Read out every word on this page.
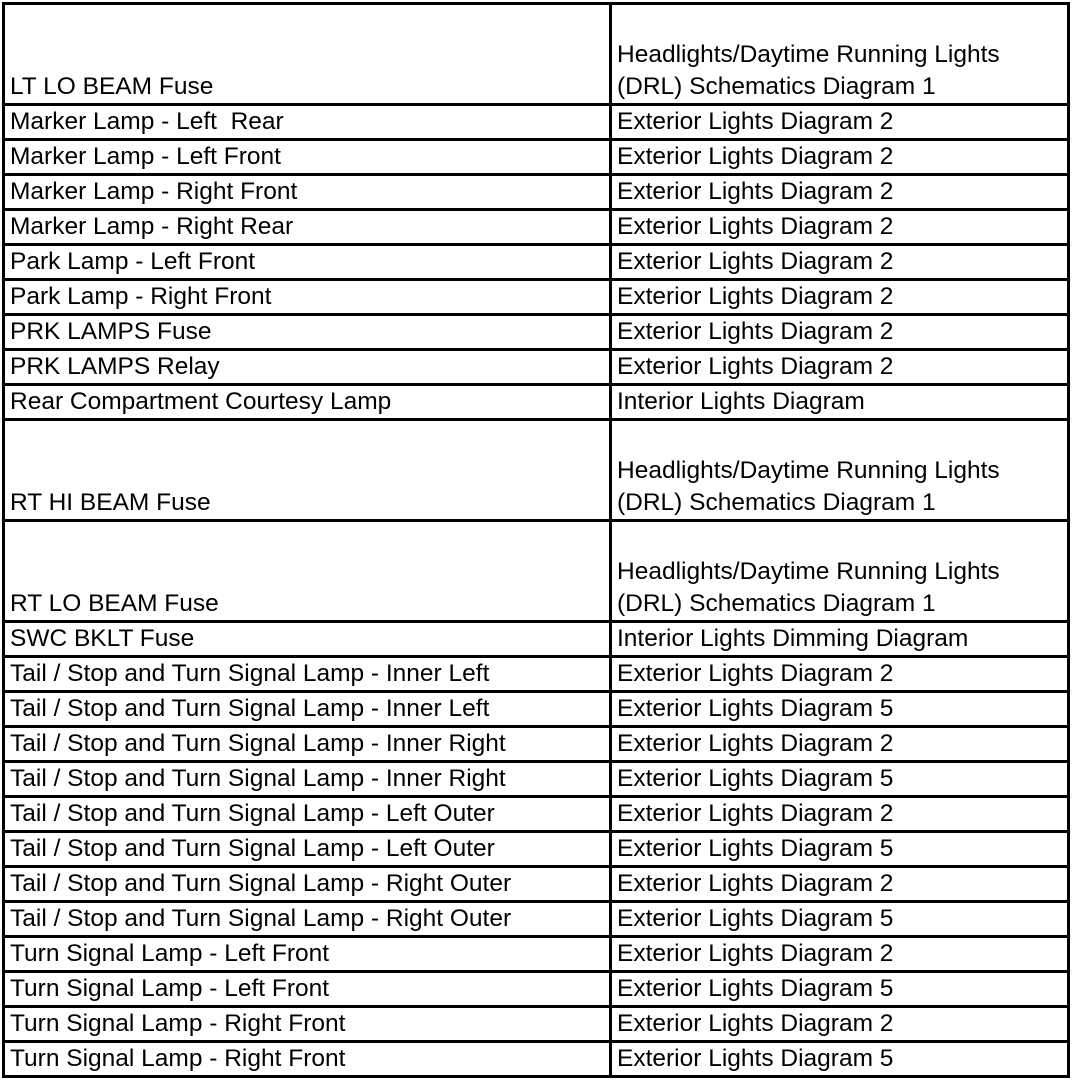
LT LO BEAM Fuse	Headlights/Daytime Running Lights
(DRL) Schematics Diagram 1
Marker Lamp - Left  Rear	Exterior Lights Diagram 2
Marker Lamp - Left Front	Exterior Lights Diagram 2
Marker Lamp - Right Front	Exterior Lights Diagram 2
Marker Lamp - Right Rear	Exterior Lights Diagram 2
Park Lamp - Left Front	Exterior Lights Diagram 2
Park Lamp - Right Front	Exterior Lights Diagram 2
PRK LAMPS Fuse	Exterior Lights Diagram 2
PRK LAMPS Relay	Exterior Lights Diagram 2
Rear Compartment Courtesy Lamp	Interior Lights Diagram
RT HI BEAM Fuse	Headlights/Daytime Running Lights
(DRL) Schematics Diagram 1
RT LO BEAM Fuse	Headlights/Daytime Running Lights
(DRL) Schematics Diagram 1
SWC BKLT Fuse	Interior Lights Dimming Diagram
Tail / Stop and Turn Signal Lamp - Inner Left	Exterior Lights Diagram 2
Tail / Stop and Turn Signal Lamp - Inner Left	Exterior Lights Diagram 5
Tail / Stop and Turn Signal Lamp - Inner Right	Exterior Lights Diagram 2
Tail / Stop and Turn Signal Lamp - Inner Right	Exterior Lights Diagram 5
Tail / Stop and Turn Signal Lamp - Left Outer	Exterior Lights Diagram 2
Tail / Stop and Turn Signal Lamp - Left Outer	Exterior Lights Diagram 5
Tail / Stop and Turn Signal Lamp - Right Outer	Exterior Lights Diagram 2
Tail / Stop and Turn Signal Lamp - Right Outer	Exterior Lights Diagram 5
Turn Signal Lamp - Left Front	Exterior Lights Diagram 2
Turn Signal Lamp - Left Front	Exterior Lights Diagram 5
Turn Signal Lamp - Right Front	Exterior Lights Diagram 2
Turn Signal Lamp - Right Front	Exterior Lights Diagram 5
